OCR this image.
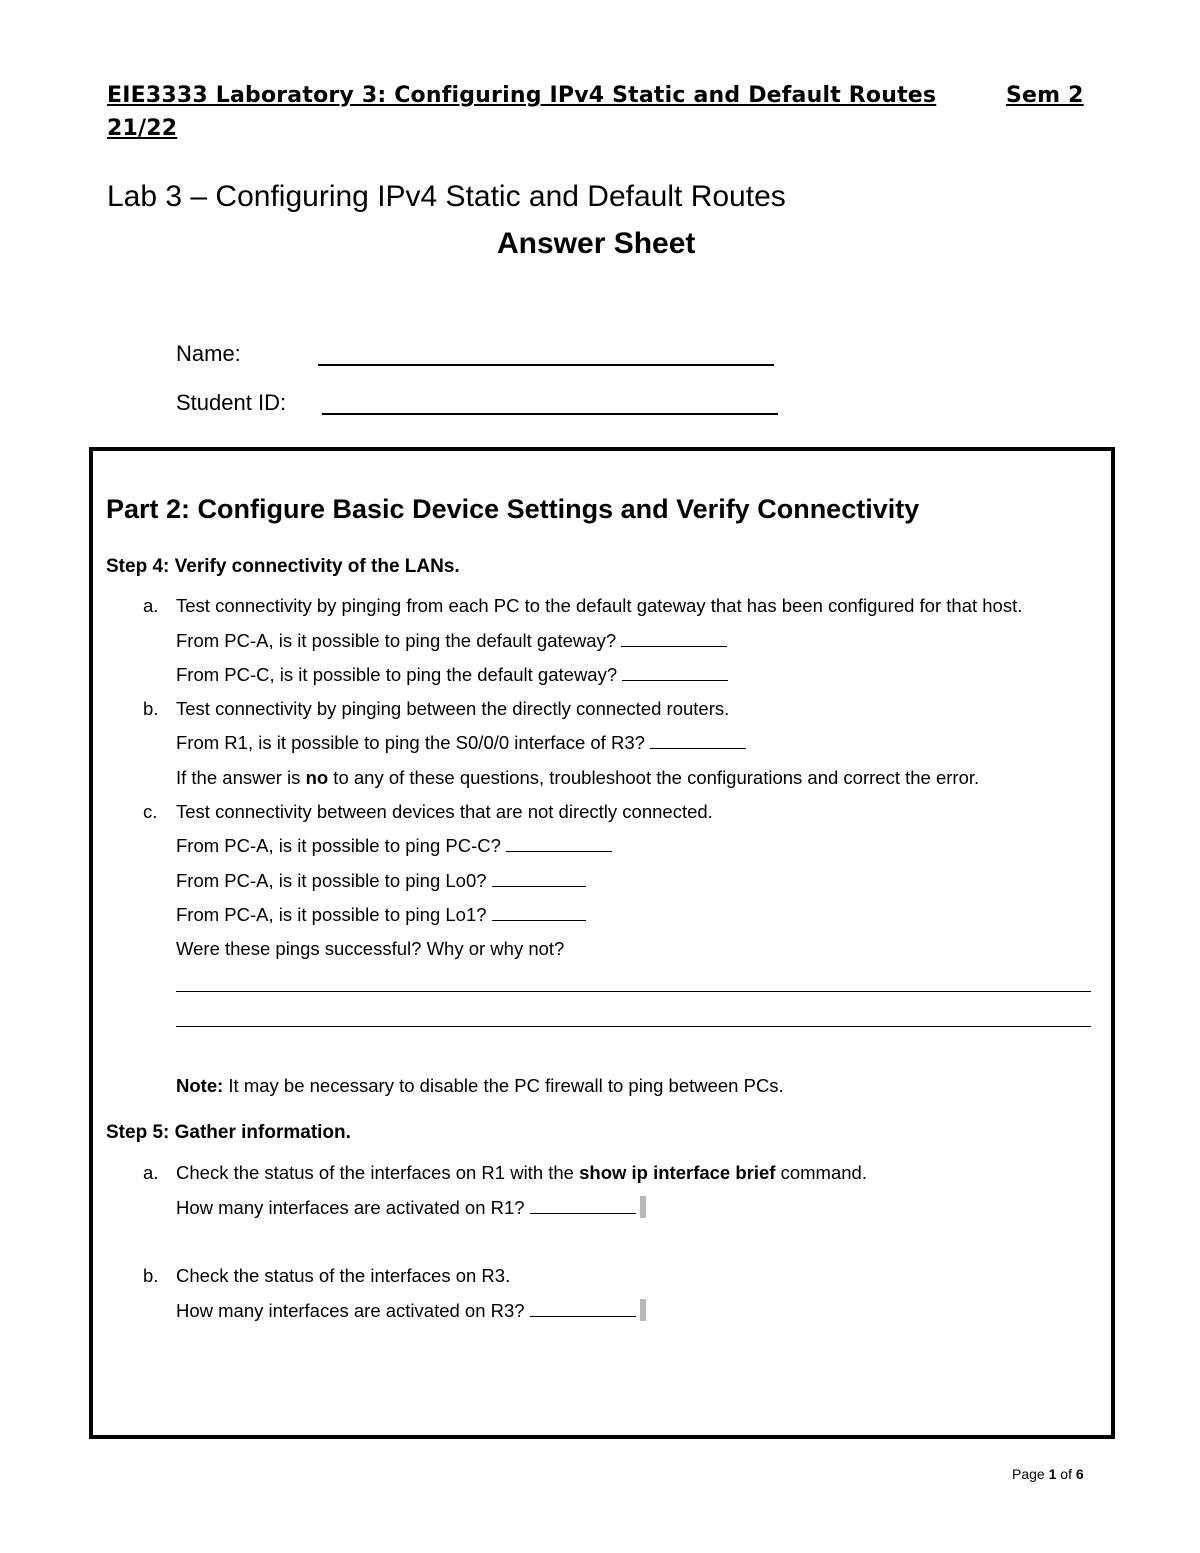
EIE3333 Laboratory 3: Configuring IPv4 Static and Default Routes	Sem 2
21/22
Lab 3 – Configuring IPv4 Static and Default Routes
Answer Sheet
Name:
Student ID:
Part 2: Configure Basic Device Settings and Verify Connectivity
Step 4: Verify connectivity of the LANs.
a. Test connectivity by pinging from each PC to the default gateway that has been configured for that host.
From PC-A, is it possible to ping the default gateway?
From PC-C, is it possible to ping the default gateway?
b. Test connectivity by pinging between the directly connected routers.
From R1, is it possible to ping the S0/0/0 interface of R3?
If the answer is no to any of these questions, troubleshoot the configurations and correct the error.
c. Test connectivity between devices that are not directly connected.
From PC-A, is it possible to ping PC-C?
From PC-A, is it possible to ping Lo0?
From PC-A, is it possible to ping Lo1?
Were these pings successful? Why or why not?
Note: It may be necessary to disable the PC firewall to ping between PCs.
Step 5: Gather information.
a. Check the status of the interfaces on R1 with the show ip interface brief command.
How many interfaces are activated on R1?
b. Check the status of the interfaces on R3.
How many interfaces are activated on R3?
Page 1 of 6
